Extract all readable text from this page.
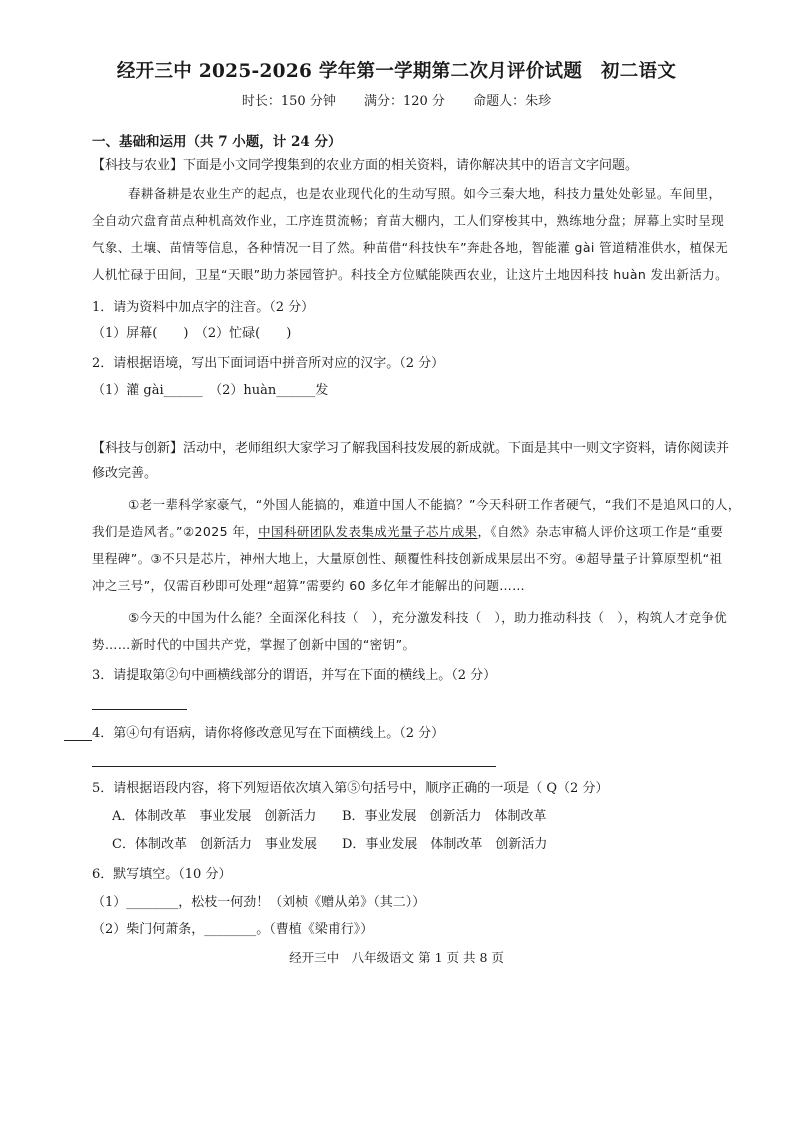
经开三中 2025-2026 学年第一学期第二次月评价试题　初二语文
时长：150 分钟 满分：120 分 命题人：朱珍
一、基础和运用（共 7 小题，计 24 分）
【科技与农业】下面是小文同学搜集到的农业方面的相关资料，请你解决其中的语言文字问题。
春耕备耕是农业生产的起点，也是农业现代化的生动写照。如今三秦大地，科技力量处处彰显。车间里，
全自动穴盘育苗点种机高效作业，工序连贯流畅；育苗大棚内，工人们穿梭其中，熟练地分盘；屏幕上实时呈现
气象、土壤、苗情等信息，各种情况一目了然。种苗借“科技快车”奔赴各地，智能灌 gài 管道精准供水，植保无
人机忙碌于田间，卫星“天眼”助力茶园管护。科技全方位赋能陕西农业，让这片土地因科技 huàn 发出新活力。
1．请为资料中加点字的注音。（2 分）
（1）屏幕(　　)　（2）忙碌(　　)
2．请根据语境，写出下面词语中拼音所对应的汉字。（2 分）
（1）灌 gài______　（2）huàn______发
【科技与创新】活动中，老师组织大家学习了解我国科技发展的新成就。下面是其中一则文字资料，请你阅读并
修改完善。
①老一辈科学家豪气，“外国人能搞的，难道中国人不能搞？”今天科研工作者硬气，“我们不是追风口的人，
我们是造风者。”②2025 年，中国科研团队发表集成光量子芯片成果，《自然》杂志审稿人评价这项工作是“重要
里程碑”。③不只是芯片，神州大地上，大量原创性、颠覆性科技创新成果层出不穷。④超导量子计算原型机“祖
冲之三号”，仅需百秒即可处理“超算”需要约 60 多亿年才能解出的问题……
⑤今天的中国为什么能？全面深化科技（　），充分激发科技（　），助力推动科技（　），构筑人才竞争优
势……新时代的中国共产党，掌握了创新中国的“密钥”。
3．请提取第②句中画横线部分的谓语，并写在下面的横线上。（2 分）
4．第④句有语病，请你将修改意见写在下面横线上。（2 分）
5．请根据语段内容，将下列短语依次填入第⑤句括号中，顺序正确的一项是（ Q（2 分）
A．体制改革　事业发展　创新活力 B．事业发展　创新活力　体制改革
C．体制改革　创新活力　事业发展 D．事业发展　体制改革　创新活力
6．默写填空。（10 分）
（1）________，松枝一何劲！（刘桢《赠从弟》（其二））
（2）柴门何萧条，________。（曹植《梁甫行》）
经开三中　八年级语文 第 1 页 共 8 页
